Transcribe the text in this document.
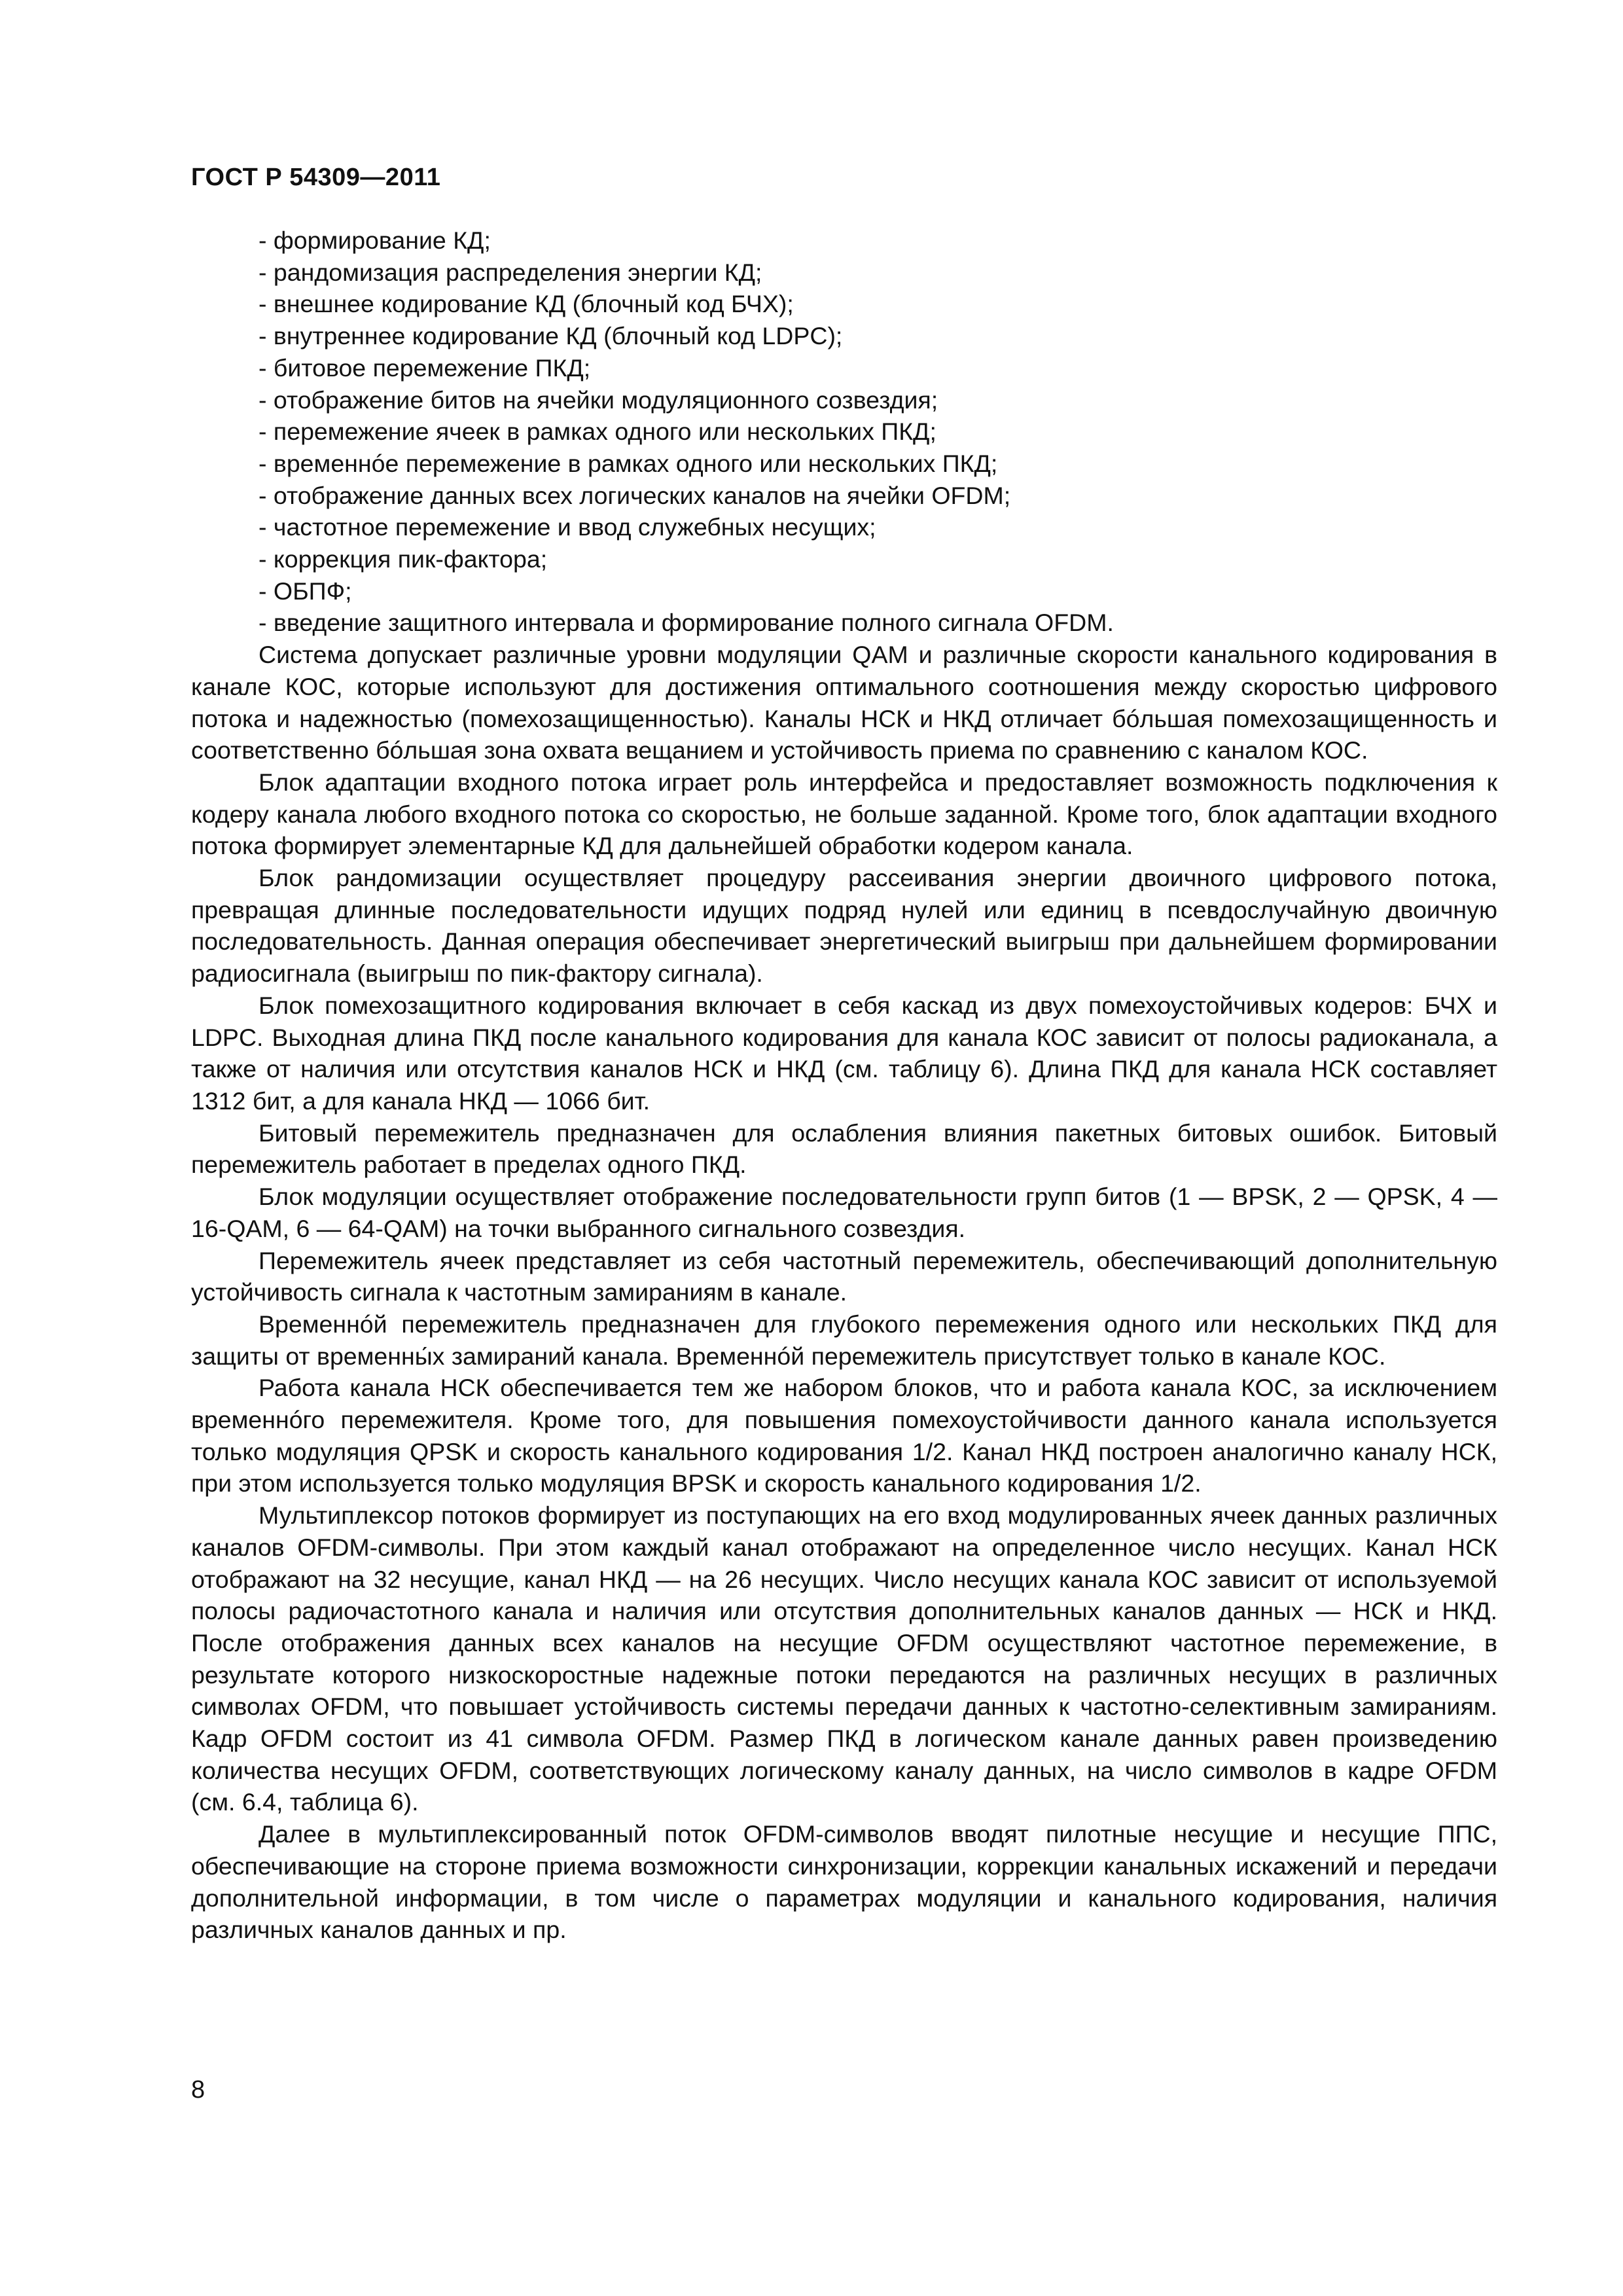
ГОСТ Р 54309—2011
- формирование КД;
- рандомизация распределения энергии КД;
- внешнее кодирование КД (блочный код БЧХ);
- внутреннее кодирование КД (блочный код LDPC);
- битовое перемежение ПКД;
- отображение битов на ячейки модуляционного созвездия;
- перемежение ячеек в рамках одного или нескольких ПКД;
- временнóе перемежение в рамках одного или нескольких ПКД;
- отображение данных всех логических каналов на ячейки OFDM;
- частотное перемежение и ввод служебных несущих;
- коррекция пик-фактора;
- ОБПФ;
- введение защитного интервала и формирование полного сигнала OFDM.

Система допускает различные уровни модуляции QAM и различные скорости канального кодирования в канале КОС, которые используют для достижения оптимального соотношения между скоростью цифрового потока и надежностью (помехозащищенностью). Каналы НСК и НКД отличает бóльшая помехозащищенность и соответственно бóльшая зона охвата вещанием и устойчивость приема по сравнению с каналом КОС.

Блок адаптации входного потока играет роль интерфейса и предоставляет возможность подключения к кодеру канала любого входного потока со скоростью, не больше заданной. Кроме того, блок адаптации входного потока формирует элементарные КД для дальнейшей обработки кодером канала.

Блок рандомизации осуществляет процедуру рассеивания энергии двоичного цифрового потока, превращая длинные последовательности идущих подряд нулей или единиц в псевдослучайную двоичную последовательность. Данная операция обеспечивает энергетический выигрыш при дальнейшем формировании радиосигнала (выигрыш по пик-фактору сигнала).

Блок помехозащитного кодирования включает в себя каскад из двух помехоустойчивых кодеров: БЧХ и LDPC. Выходная длина ПКД после канального кодирования для канала КОС зависит от полосы радиоканала, а также от наличия или отсутствия каналов НСК и НКД (см. таблицу 6). Длина ПКД для канала НСК составляет 1312 бит, а для канала НКД — 1066 бит.

Битовый перемежитель предназначен для ослабления влияния пакетных битовых ошибок. Битовый перемежитель работает в пределах одного ПКД.

Блок модуляции осуществляет отображение последовательности групп битов (1 — BPSK, 2 — QPSK, 4 — 16-QAM, 6 — 64-QAM) на точки выбранного сигнального созвездия.

Перемежитель ячеек представляет из себя частотный перемежитель, обеспечивающий дополнительную устойчивость сигнала к частотным замираниям в канале.

Временнóй перемежитель предназначен для глубокого перемежения одного или нескольких ПКД для защиты от временны́х замираний канала. Временнóй перемежитель присутствует только в канале КОС.

Работа канала НСК обеспечивается тем же набором блоков, что и работа канала КОС, за исключением временнóго перемежителя. Кроме того, для повышения помехоустойчивости данного канала используется только модуляция QPSK и скорость канального кодирования 1/2. Канал НКД построен аналогично каналу НСК, при этом используется только модуляция BPSK и скорость канального кодирования 1/2.

Мультиплексор потоков формирует из поступающих на его вход модулированных ячеек данных различных каналов OFDM-символы. При этом каждый канал отображают на определенное число несущих. Канал НСК отображают на 32 несущие, канал НКД — на 26 несущих. Число несущих канала КОС зависит от используемой полосы радиочастотного канала и наличия или отсутствия дополнительных каналов данных — НСК и НКД. После отображения данных всех каналов на несущие OFDM осуществляют частотное перемежение, в результате которого низкоскоростные надежные потоки передаются на различных несущих в различных символах OFDM, что повышает устойчивость системы передачи данных к частотно-селективным замираниям. Кадр OFDM состоит из 41 символа OFDM. Размер ПКД в логическом канале данных равен произведению количества несущих OFDM, соответствующих логическому каналу данных, на число символов в кадре OFDM (см. 6.4, таблица 6).

Далее в мультиплексированный поток OFDM-символов вводят пилотные несущие и несущие ППС, обеспечивающие на стороне приема возможности синхронизации, коррекции канальных искажений и передачи дополнительной информации, в том числе о параметрах модуляции и канального кодирования, наличия различных каналов данных и пр.

8
